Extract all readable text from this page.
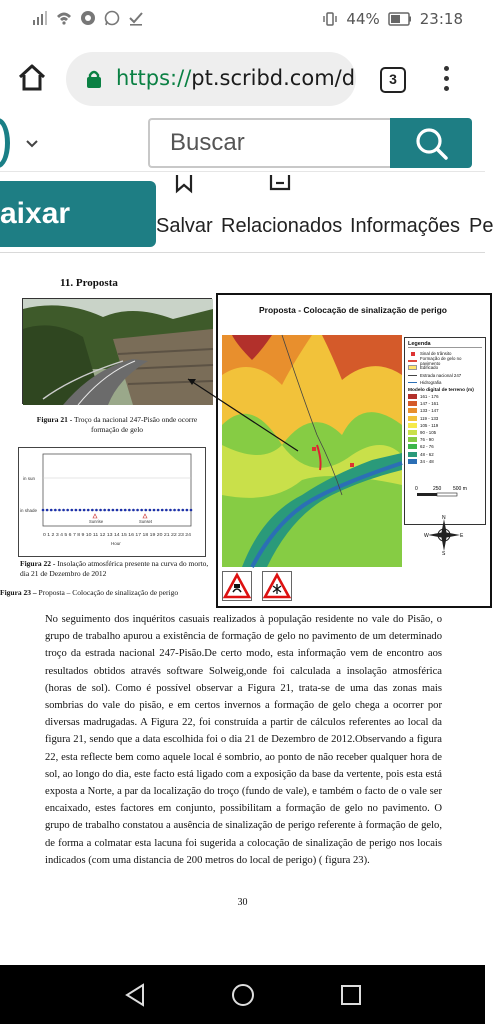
44%	23:18
https://pt.scribd.com/d	3
Buscar
aixar	Salvar Relacionados Informações Pe
11. Proposta
Figura 21 - Troço da nacional 247-Pisão onde ocorre formação de gelo
in sun
in shade
0 1 2 3 4 5 6 7 8 9 10 11 12 13 14 15 16 17 18 19 20 21 22 23 24
Hour
Sunrise	Sunset
Figura 22 - Insolação atmosférica presente na curva do morto, dia 21 de Dezembro de 2012
Figura 23 – Proposta – Colocação de sinalização de perigo
Proposta - Colocação de sinalização de perigo
Legenda
Sinal de trânsito
Formação de gelo no pavimento
Edificado
Estrada nacional 247
Hidrografia
Modelo digital de terreno (m)
161 - 176
147 - 161
133 - 147
119 - 133
105 - 119
90 - 105
76 - 90
62 - 76
48 - 62
34 - 48
0	250 500 m
N
E
S
W
No seguimento dos inquéritos casuais realizados à população residente no vale do Pisão, o grupo de trabalho apurou a existência de formação de gelo no pavimento de um determinado troço da estrada nacional 247-Pisão.De certo modo, esta informação vem de encontro aos resultados obtidos através software Solweig,onde foi calculada a insolação atmosférica (horas de sol). Como é possível observar a Figura 21, trata-se de uma das zonas mais sombrias do vale do pisão, e em certos invernos a formação de gelo chega a ocorrer por diversas madrugadas. A Figura 22, foi construída a partir de cálculos referentes ao local da figura 21, sendo que a data escolhida foi o dia 21 de Dezembro de 2012.Observando a figura 22, esta reflecte bem como aquele local é sombrio, ao ponto de não receber qualquer hora de sol, ao longo do dia, este facto está ligado com a exposição da base da vertente, pois esta está exposta a Norte, a par da localização do troço (fundo de vale), e também o facto de o vale ser encaixado, estes factores em conjunto, possibilitam a formação de gelo no pavimento. O grupo de trabalho constatou a ausência de sinalização de perigo referente à formação de gelo, de forma a colmatar esta lacuna foi sugerida a colocação de sinalização de perigo nos locais indicados (com uma distancia de 200 metros do local de perigo) ( figura 23).
30
